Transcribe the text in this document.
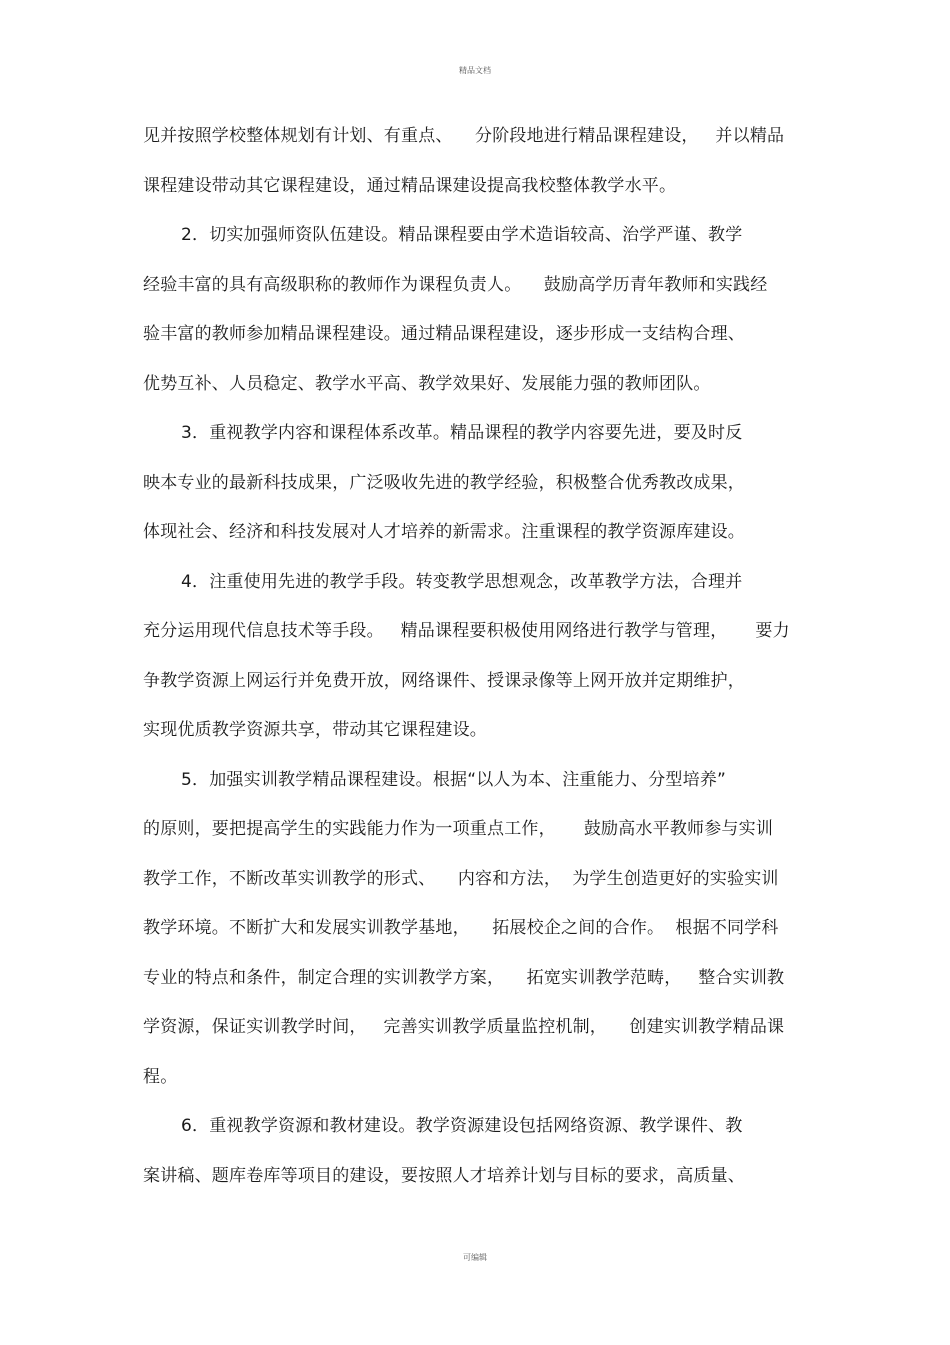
精品文档
见并按照学校整体规划有计划、有重点、    分阶段地进行精品课程建设，   并以精品
课程建设带动其它课程建设，通过精品课建设提高我校整体教学水平。
2．切实加强师资队伍建设。精品课程要由学术造诣较高、治学严谨、教学
经验丰富的具有高级职称的教师作为课程负责人。    鼓励高学历青年教师和实践经
验丰富的教师参加精品课程建设。通过精品课程建设，逐步形成一支结构合理、
优势互补、人员稳定、教学水平高、教学效果好、发展能力强的教师团队。
3．重视教学内容和课程体系改革。精品课程的教学内容要先进，要及时反
映本专业的最新科技成果，广泛吸收先进的教学经验，积极整合优秀教改成果，
体现社会、经济和科技发展对人才培养的新需求。注重课程的教学资源库建设。
4．注重使用先进的教学手段。转变教学思想观念，改革教学方法，合理并
充分运用现代信息技术等手段。   精品课程要积极使用网络进行教学与管理，     要力
争教学资源上网运行并免费开放，网络课件、授课录像等上网开放并定期维护，
实现优质教学资源共享，带动其它课程建设。
5．加强实训教学精品课程建设。根据“以人为本、注重能力、分型培养”
的原则，要把提高学生的实践能力作为一项重点工作，     鼓励高水平教师参与实训
教学工作，不断改革实训教学的形式、    内容和方法，  为学生创造更好的实验实训
教学环境。不断扩大和发展实训教学基地，    拓展校企之间的合作。  根据不同学科
专业的特点和条件，制定合理的实训教学方案，    拓宽实训教学范畴，   整合实训教
学资源，保证实训教学时间，   完善实训教学质量监控机制，    创建实训教学精品课
程。
6．重视教学资源和教材建设。教学资源建设包括网络资源、教学课件、教
案讲稿、题库卷库等项目的建设，要按照人才培养计划与目标的要求，高质量、
可编辑
